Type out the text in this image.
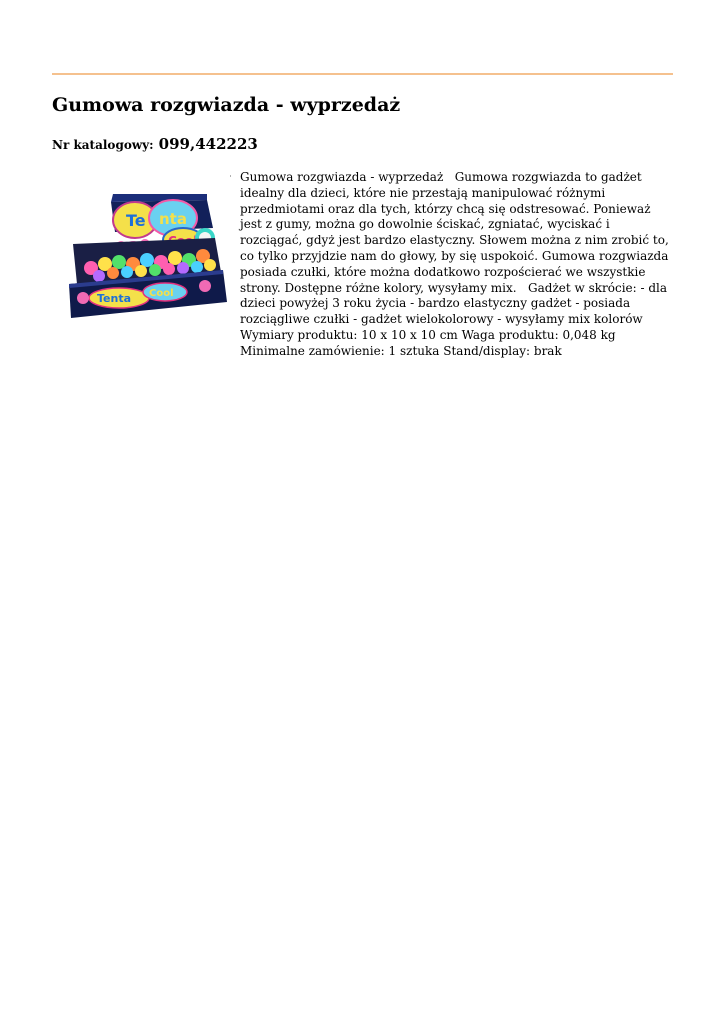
Gumowa rozgwiazda - wyprzedaż
Nr katalogowy: 099,442223
Te nta
Tenta Cool

Gumowa rozgwiazda - wyprzedaż   Gumowa rozgwiazda to gadżet idealny dla dzieci, które nie przestają manipulować różnymi przedmiotami oraz dla tych, którzy chcą się odstresować. Ponieważ jest z gumy, można go dowolnie ściskać, zgniatać, wyciskać i rozciągać, gdyż jest bardzo elastyczny. Słowem można z nim zrobić to, co tylko przyjdzie nam do głowy, by się uspokoić. Gumowa rozgwiazda posiada czułki, które można dodatkowo rozpościerać we wszystkie strony. Dostępne różne kolory, wysyłamy mix.   Gadżet w skrócie: - dla dzieci powyżej 3 roku życia - bardzo elastyczny gadżet - posiada rozciągliwe czułki - gadżet wielokolorowy - wysyłamy mix kolorów   Wymiary produktu: 10 x 10 x 10 cm Waga produktu: 0,048 kg Minimalne zamówienie: 1 sztuka Stand/display: brak
